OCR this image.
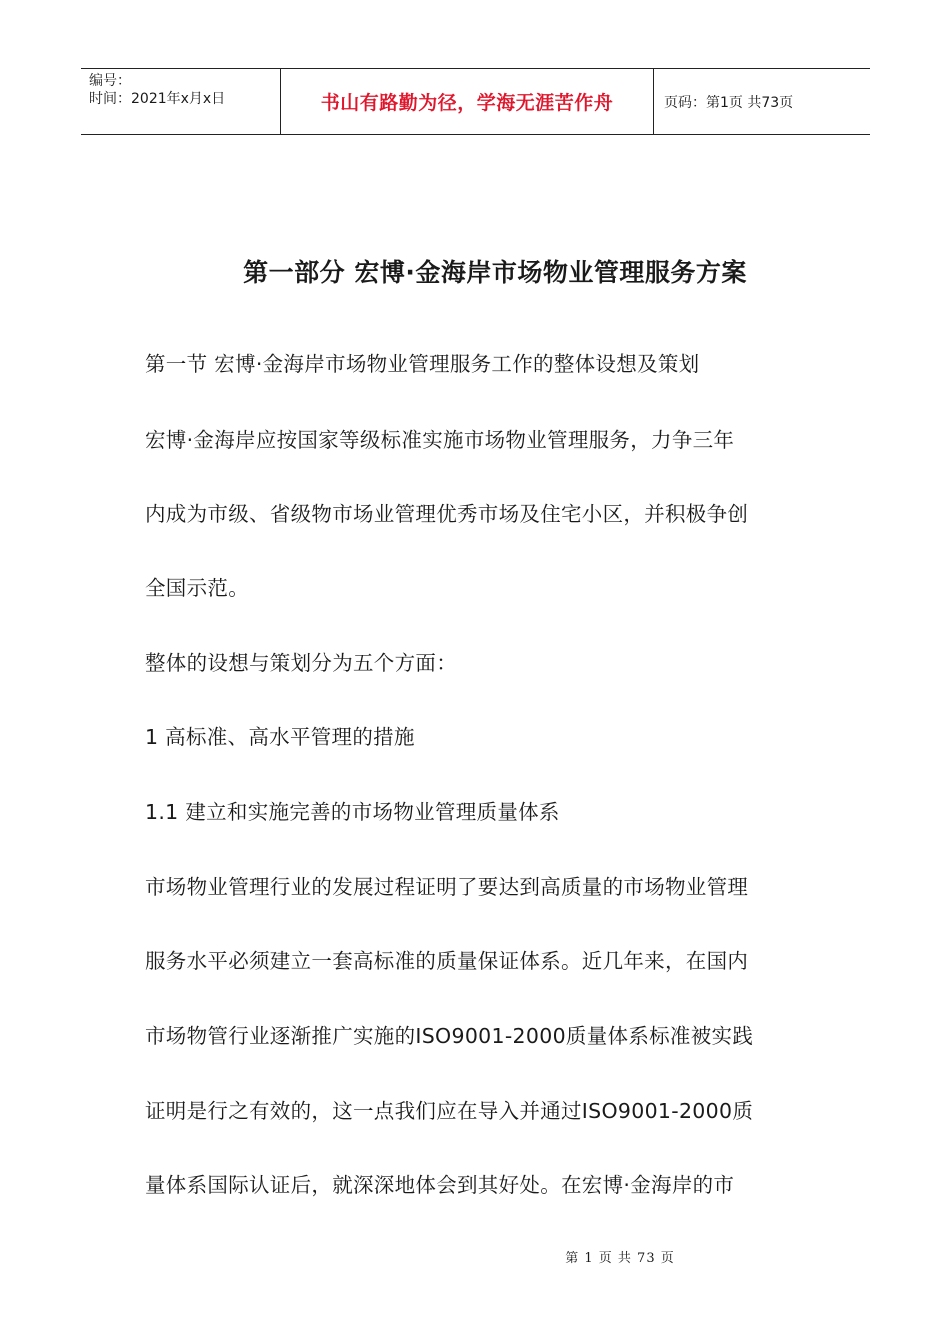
编号：
时间：2021年x月x日	书山有路勤为径，学海无涯苦作舟	页码：第1页 共73页
第一部分 宏博·金海岸市场物业管理服务方案
第一节 宏博·金海岸市场物业管理服务工作的整体设想及策划
宏博·金海岸应按国家等级标准实施市场物业管理服务，力争三年
内成为市级、省级物市场业管理优秀市场及住宅小区，并积极争创
全国示范。
整体的设想与策划分为五个方面：
1 高标准、高水平管理的措施
1.1 建立和实施完善的市场物业管理质量体系
市场物业管理行业的发展过程证明了要达到高质量的市场物业管理
服务水平必须建立一套高标准的质量保证体系。近几年来，在国内
市场物管行业逐渐推广实施的ISO9001-2000质量体系标准被实践
证明是行之有效的，这一点我们应在导入并通过ISO9001-2000质
量体系国际认证后，就深深地体会到其好处。在宏博·金海岸的市
第 1 页 共 73 页
